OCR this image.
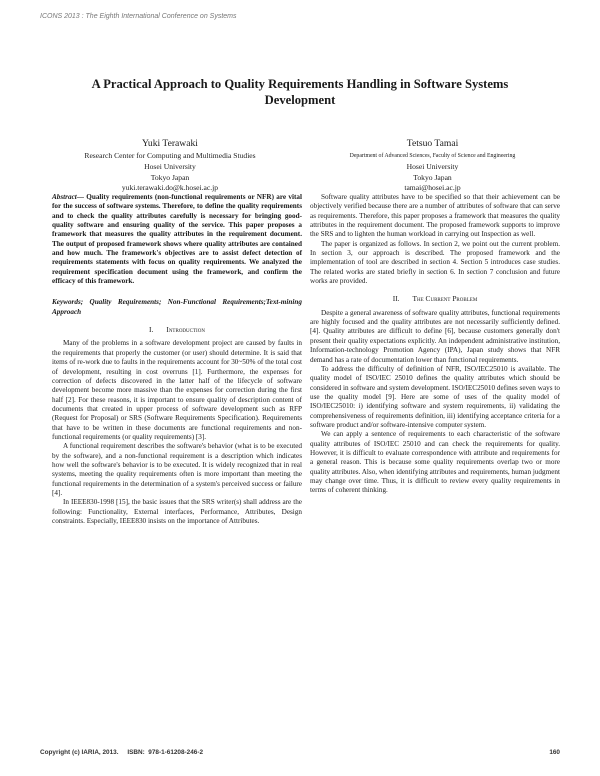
ICONS 2013 : The Eighth International Conference on Systems
A Practical Approach to Quality Requirements Handling in Software Systems
Development
Yuki Terawaki
Research Center for Computing and Multimedia Studies
Hosei University
Tokyo Japan
yuki.terawaki.do@k.hosei.ac.jp
Tetsuo Tamai
Department of Advanced Sciences, Faculty of Science and Engineering
Hosei University
Tokyo Japan
tamai@hosei.ac.jp

Abstract— Quality requirements (non-functional requirements or NFR) are vital for the success of software systems. Therefore, to define the quality requirements and to check the quality attributes carefully is necessary for bringing good-quality software and ensuring quality of the service. This paper proposes a framework that measures the quality attributes in the requirement document. The output of proposed framework shows where quality attributes are contained and how much. The framework's objectives are to assist defect detection of requirements statements with focus on quality requirements. We analyzed the requirement specification document using the framework, and confirm the efficacy of this framework.

Keywords; Quality Requirements; Non-Functional Requirements;Text-mining Approach

I. Introduction

Many of the problems in a software development project are caused by faults in the requirements that properly the customer (or user) should determine. It is said that items of re-work due to faults in the requirements account for 30~50% of the total cost of development, resulting in cost overruns [1]. Furthermore, the expenses for correction of defects discovered in the latter half of the lifecycle of software development become more massive than the expenses for correction during the first half [2]. For these reasons, it is important to ensure quality of description content of documents that created in upper process of software development such as RFP (Request for Proposal) or SRS (Software Requirements Specification). Requirements that have to be written in these documents are functional requirements and non-functional requirements (or quality requirements) [3].

A functional requirement describes the software's behavior (what is to be executed by the software), and a non-functional requirement is a description which indicates how well the software's behavior is to be executed. It is widely recognized that in real systems, meeting the quality requirements often is more important than meeting the functional requirements in the determination of a system's perceived success or failure [4].

In IEEE830-1998 [15], the basic issues that the SRS writer(s) shall address are the following: Functionality, External interfaces, Performance, Attributes, Design constraints. Especially, IEEE830 insists on the importance of Attributes.

Software quality attributes have to be specified so that their achievement can be objectively verified because there are a number of attributes of software that can serve as requirements. Therefore, this paper proposes a framework that measures the quality attributes in the requirement document. The proposed framework supports to improve the SRS and to lighten the human workload in carrying out Inspection as well.

The paper is organized as follows. In section 2, we point out the current problem. In section 3, our approach is described. The proposed framework and the implementation of tool are described in section 4. Section 5 introduces case studies. The related works are stated briefly in section 6. In section 7 conclusion and future works are provided.

II. The Current Problem

Despite a general awareness of software quality attributes, functional requirements are highly focused and the quality attributes are not necessarily sufficiently defined. [4]. Quality attributes are difficult to define [6], because customers generally don't present their quality expectations explicitly. An independent administrative institution, Information-technology Promotion Agency (IPA), Japan study shows that NFR demand has a rate of documentation lower than functional requirements.

To address the difficulty of definition of NFR, ISO/IEC25010 is available. The quality model of ISO/IEC 25010 defines the quality attributes which should be considered in software and system development. ISO/IEC25010 defines seven ways to use the quality model [9]. Here are some of uses of the quality model of ISO/IEC25010: i) identifying software and system requirements, ii) validating the comprehensiveness of requirements definition, iii) identifying acceptance criteria for a software product and/or software-intensive computer system.

We can apply a sentence of requirements to each characteristic of the software quality attributes of ISO/IEC 25010 and can check the requirements for quality. However, it is difficult to evaluate correspondence with attribute and requirements for a general reason. This is because some quality requirements overlap two or more quality attributes. Also, when identifying attributes and requirements, human judgment may change over time. Thus, it is difficult to review every quality requirements in terms of coherent thinking.

Copyright (c) IARIA, 2013.     ISBN:  978-1-61208-246-2	160
